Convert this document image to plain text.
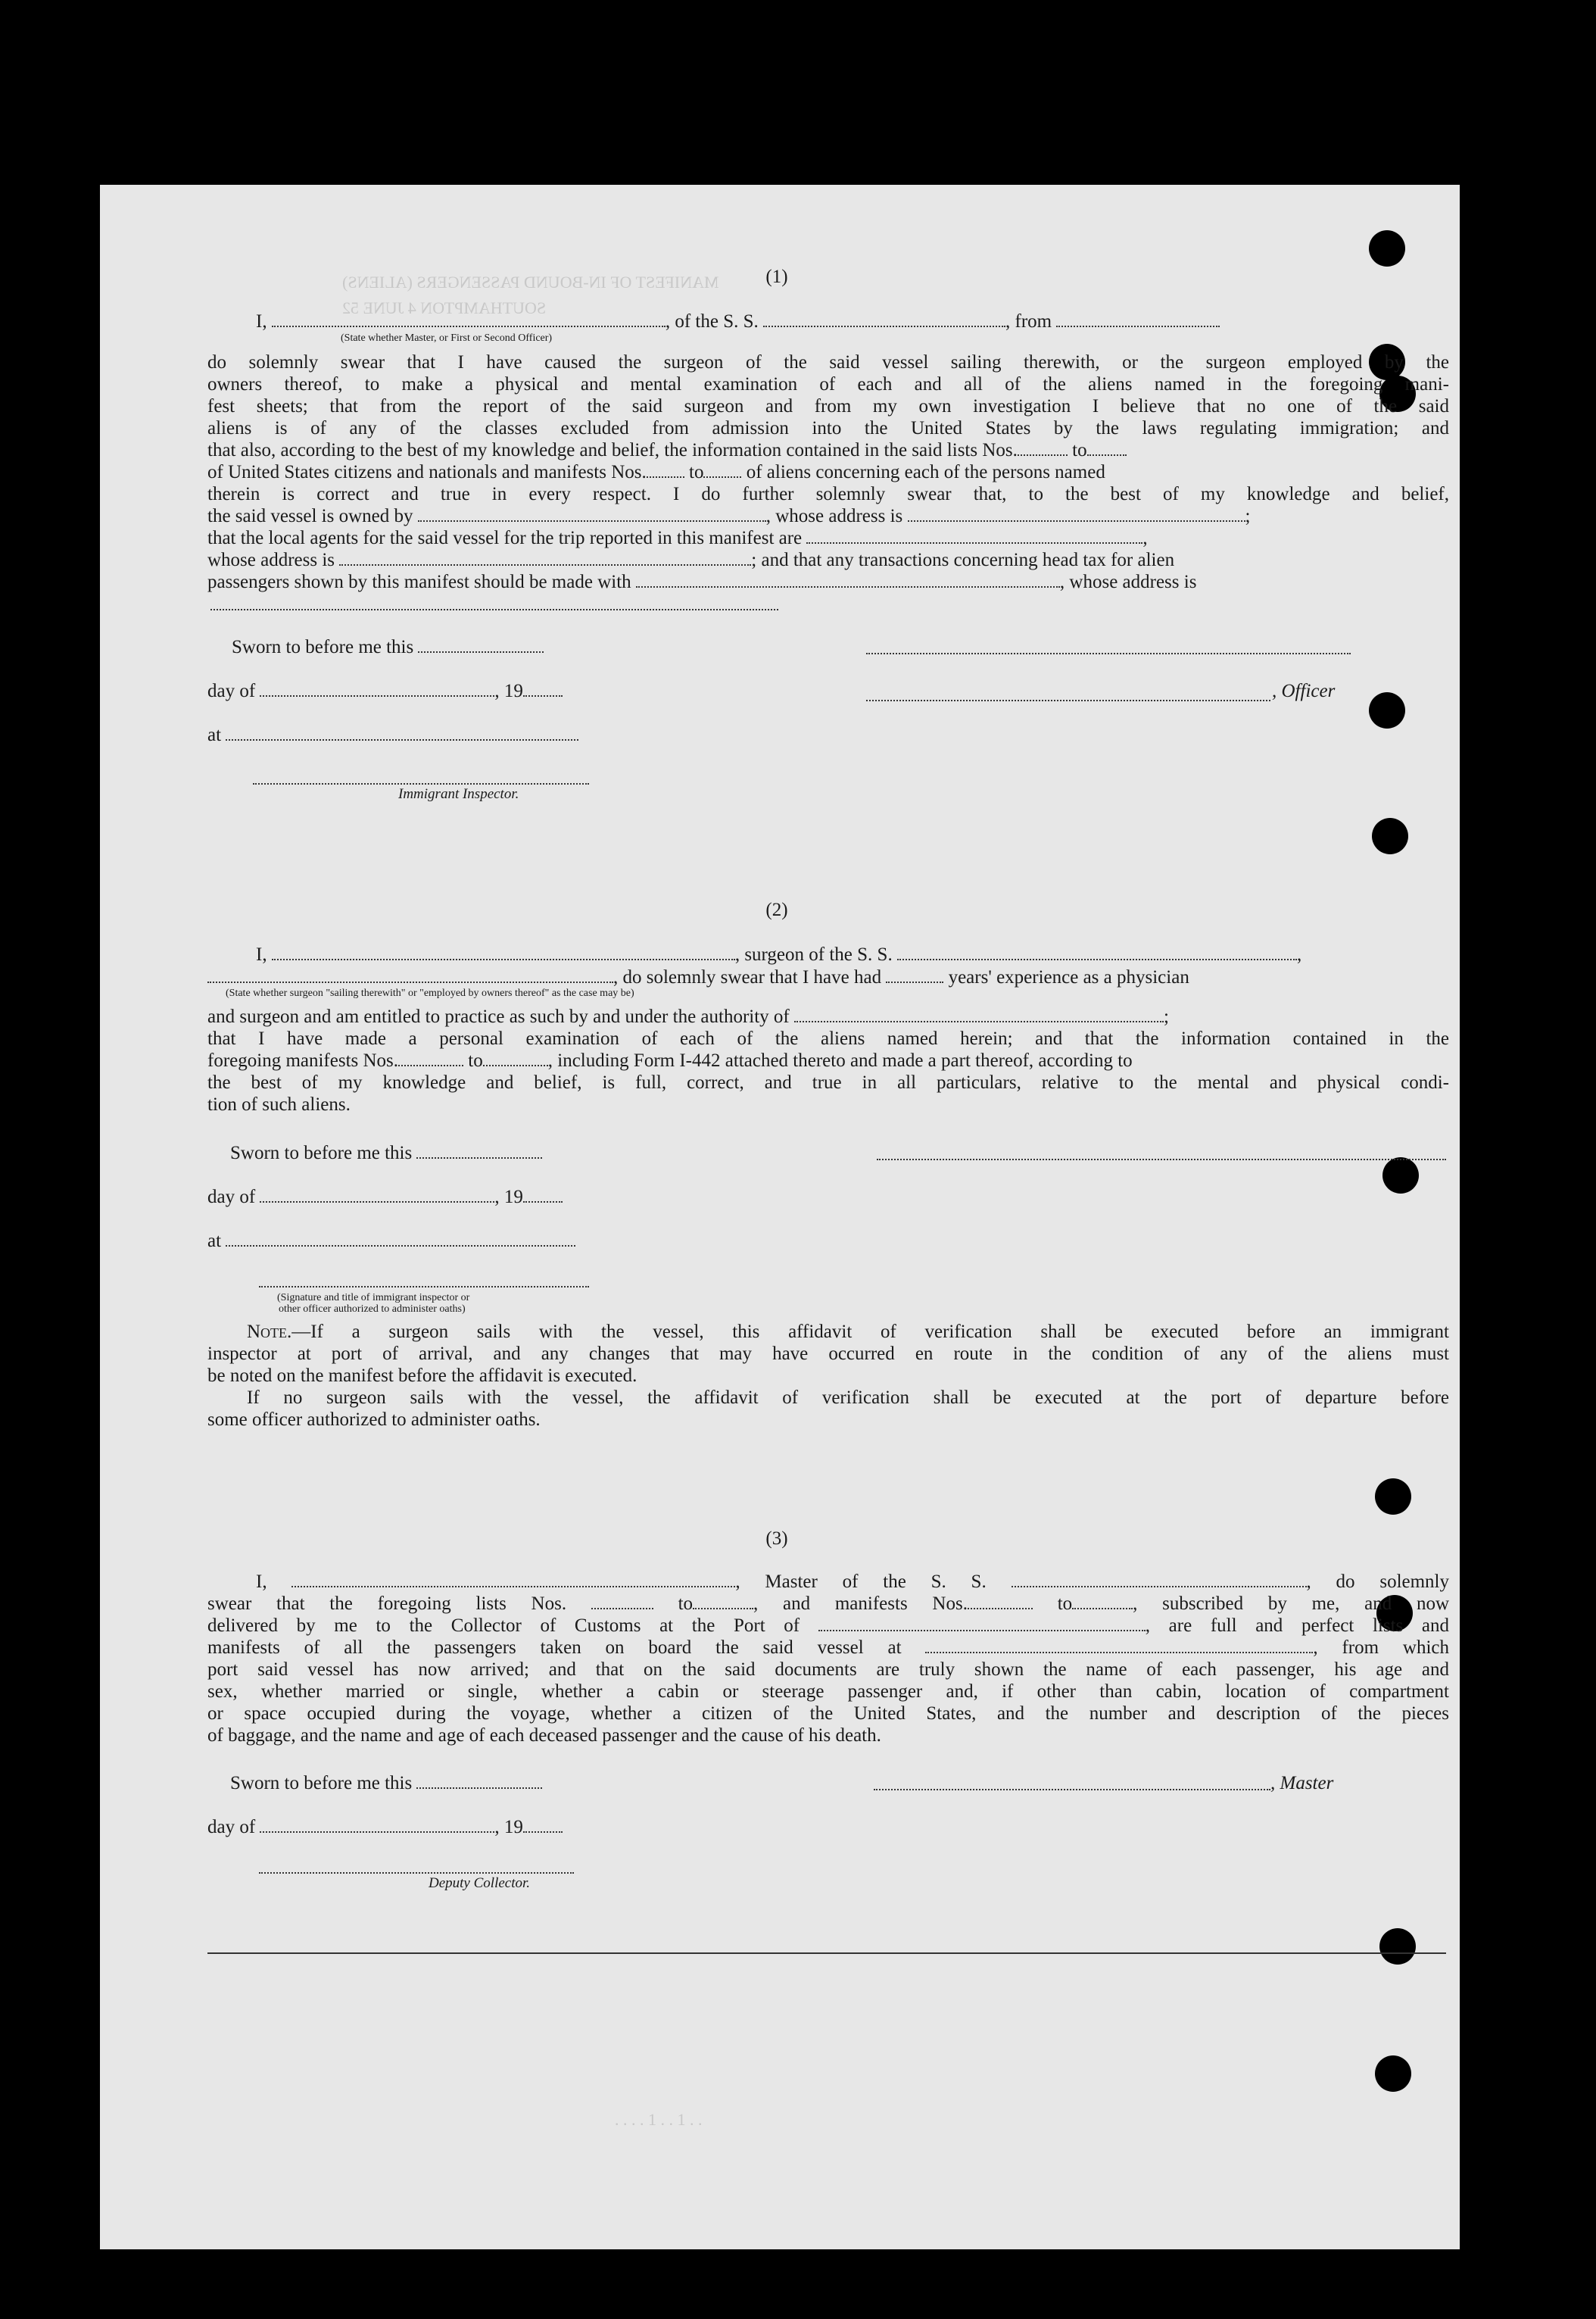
MANIFEST OF IN-BOUND PASSENGERS (ALIENS)
SOUTHAMPTON 4 JUNE 52
(1)
I,	, of the S. S.	, from
(State whether Master, or First or Second Officer)
do solemnly swear that I have caused the surgeon of the said vessel sailing therewith, or the surgeon employed by the
owners thereof, to make a physical and mental examination of each and all of the aliens named in the foregoing mani-
fest sheets; that from the report of the said surgeon and from my own investigation I believe that no one of the said
aliens is of any of the classes excluded from admission into the United States by the laws regulating immigration; and
that also, according to the best of my knowledge and belief, the information contained in the said lists Nos.	to
of United States citizens and nationals and manifests Nos. to of aliens concerning each of the persons named
therein is correct and true in every respect. I do further solemnly swear that, to the best of my knowledge and belief,
the said vessel is owned by	, whose address is	;
that the local agents for the said vessel for the trip reported in this manifest are	,
whose address is	; and that any transactions concerning head tax for alien
passengers shown by this manifest should be made with	, whose address is
Sworn to before me this
day of	, 19	, Officer
at
Immigrant Inspector.
(2)
I,	, surgeon of the S. S.	,
, do solemnly swear that I have had	years' experience as a physician
(State whether surgeon "sailing therewith" or "employed by owners thereof" as the case may be)
and surgeon and am entitled to practice as such by and under the authority of	;
that I have made a personal examination of each of the aliens named herein; and that the information contained in the
foregoing manifests Nos.	to	, including Form I-442 attached thereto and made a part thereof, according to
the best of my knowledge and belief, is full, correct, and true in all particulars, relative to the mental and physical condi-
tion of such aliens.
Sworn to before me this
day of	, 19
at
(Signature and title of immigrant inspector or
other officer authorized to administer oaths)
Note.—If a surgeon sails with the vessel, this affidavit of verification shall be executed before an immigrant
inspector at port of arrival, and any changes that may have occurred en route in the condition of any of the aliens must
be noted on the manifest before the affidavit is executed.
If no surgeon sails with the vessel, the affidavit of verification shall be executed at the port of departure before
some officer authorized to administer oaths.
(3)
I,	, Master of the S. S.	, do solemnly
swear that the foregoing lists Nos.	to	, and manifests Nos.	to	, subscribed by me, and now
delivered by me to the Collector of Customs at the Port of	, are full and perfect lists and
manifests of all the passengers taken on board the said vessel at	, from which
port said vessel has now arrived; and that on the said documents are truly shown the name of each passenger, his age and
sex, whether married or single, whether a cabin or steerage passenger and, if other than cabin, location of compartment
or space occupied during the voyage, whether a citizen of the United States, and the number and description of the pieces
of baggage, and the name and age of each deceased passenger and the cause of his death.
Sworn to before me this	, Master
day of	, 19
Deputy Collector.
. . . . 1 . . 1 . .
